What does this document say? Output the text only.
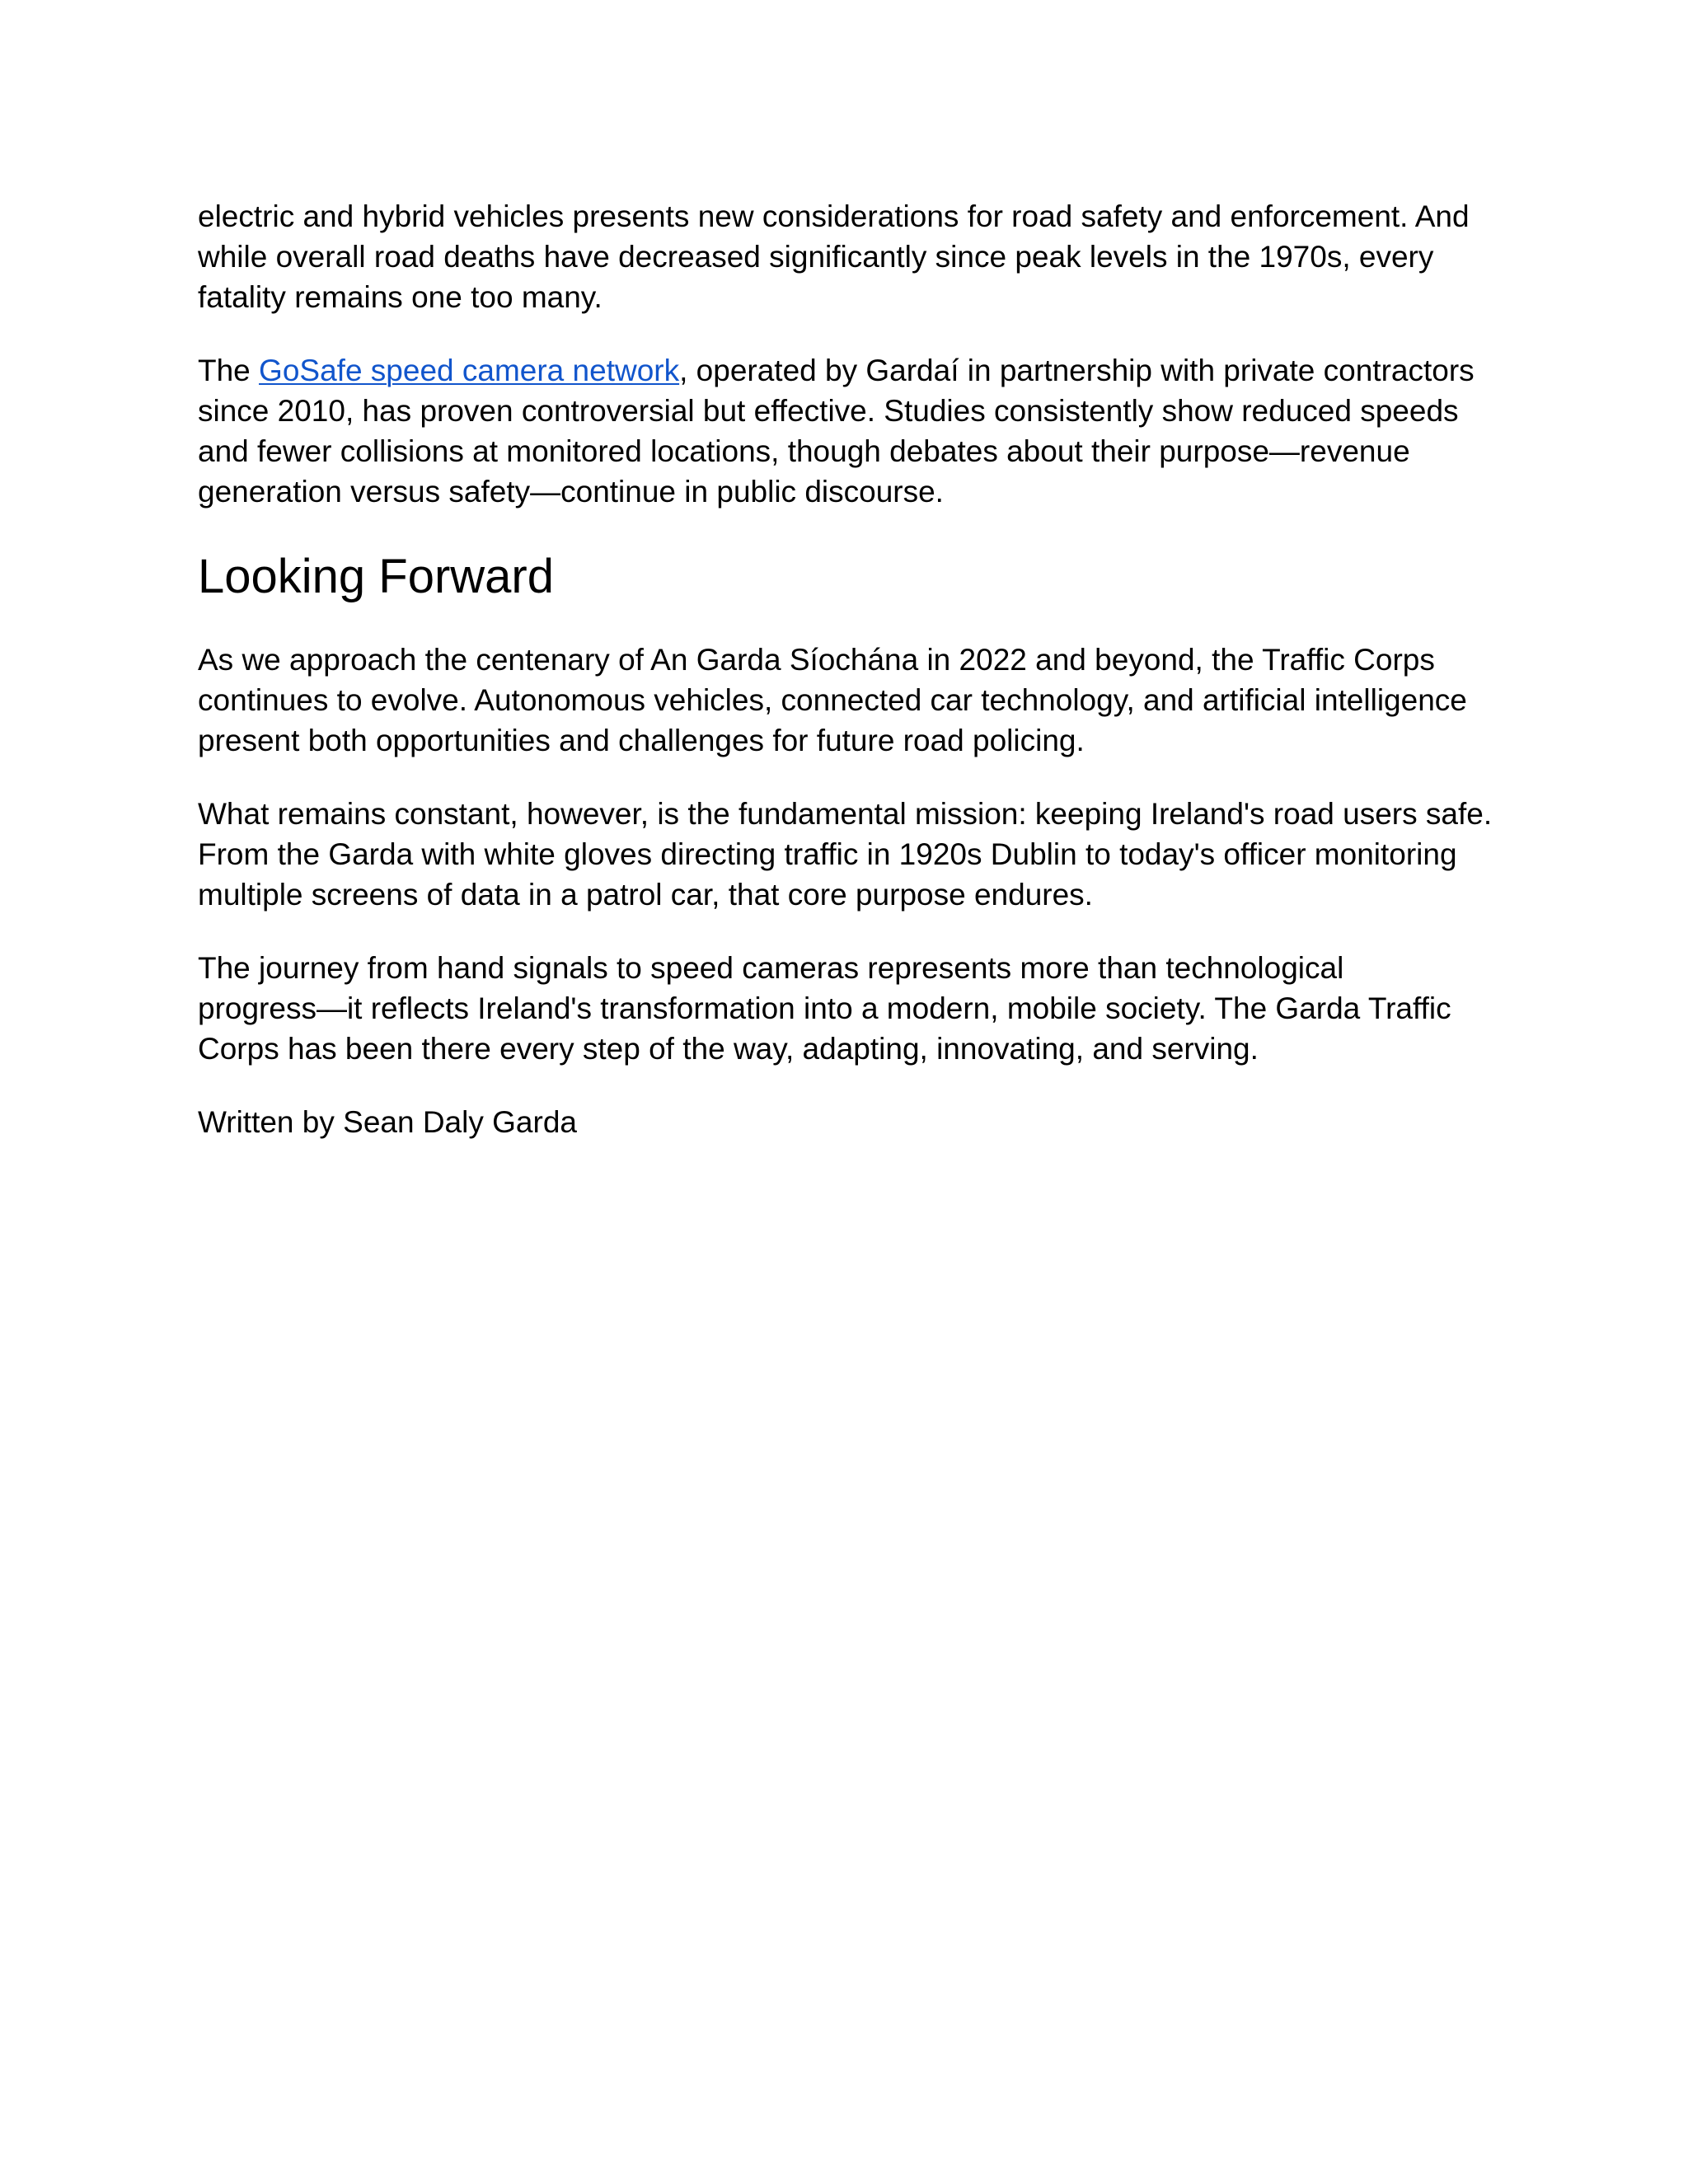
electric and hybrid vehicles presents new considerations for road safety and enforcement. And
while overall road deaths have decreased significantly since peak levels in the 1970s, every
fatality remains one too many.

The GoSafe speed camera network, operated by Gardaí in partnership with private contractors
since 2010, has proven controversial but effective. Studies consistently show reduced speeds
and fewer collisions at monitored locations, though debates about their purpose—revenue
generation versus safety—continue in public discourse.

Looking Forward

As we approach the centenary of An Garda Síochána in 2022 and beyond, the Traffic Corps
continues to evolve. Autonomous vehicles, connected car technology, and artificial intelligence
present both opportunities and challenges for future road policing.

What remains constant, however, is the fundamental mission: keeping Ireland's road users safe.
From the Garda with white gloves directing traffic in 1920s Dublin to today's officer monitoring
multiple screens of data in a patrol car, that core purpose endures.

The journey from hand signals to speed cameras represents more than technological
progress—it reflects Ireland's transformation into a modern, mobile society. The Garda Traffic
Corps has been there every step of the way, adapting, innovating, and serving.

Written by Sean Daly Garda
